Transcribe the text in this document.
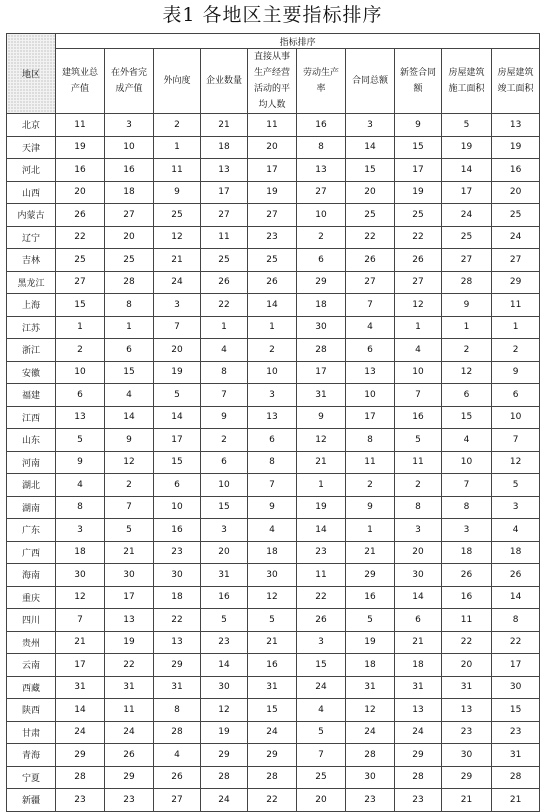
表1 各地区主要指标排序
地区	指标排序									
	建筑业总产值	在外省完成产值	外向度	企业数量	直接从事生产经营活动的平均人数	劳动生产率	合同总额	新签合同额	房屋建筑施工面积	房屋建筑竣工面积
北京	11	3	2	21	11	16	3	9	5	13
天津	19	10	1	18	20	8	14	15	19	19
河北	16	16	11	13	17	13	15	17	14	16
山西	20	18	9	17	19	27	20	19	17	20
内蒙古	26	27	25	27	27	10	25	25	24	25
辽宁	22	20	12	11	23	2	22	22	25	24
吉林	25	25	21	25	25	6	26	26	27	27
黑龙江	27	28	24	26	26	29	27	27	28	29
上海	15	8	3	22	14	18	7	12	9	11
江苏	1	1	7	1	1	30	4	1	1	1
浙江	2	6	20	4	2	28	6	4	2	2
安徽	10	15	19	8	10	17	13	10	12	9
福建	6	4	5	7	3	31	10	7	6	6
江西	13	14	14	9	13	9	17	16	15	10
山东	5	9	17	2	6	12	8	5	4	7
河南	9	12	15	6	8	21	11	11	10	12
湖北	4	2	6	10	7	1	2	2	7	5
湖南	8	7	10	15	9	19	9	8	8	3
广东	3	5	16	3	4	14	1	3	3	4
广西	18	21	23	20	18	23	21	20	18	18
海南	30	30	30	31	30	11	29	30	26	26
重庆	12	17	18	16	12	22	16	14	16	14
四川	7	13	22	5	5	26	5	6	11	8
贵州	21	19	13	23	21	3	19	21	22	22
云南	17	22	29	14	16	15	18	18	20	17
西藏	31	31	31	30	31	24	31	31	31	30
陕西	14	11	8	12	15	4	12	13	13	15
甘肃	24	24	28	19	24	5	24	24	23	23
青海	29	26	4	29	29	7	28	29	30	31
宁夏	28	29	26	28	28	25	30	28	29	28
新疆	23	23	27	24	22	20	23	23	21	21
